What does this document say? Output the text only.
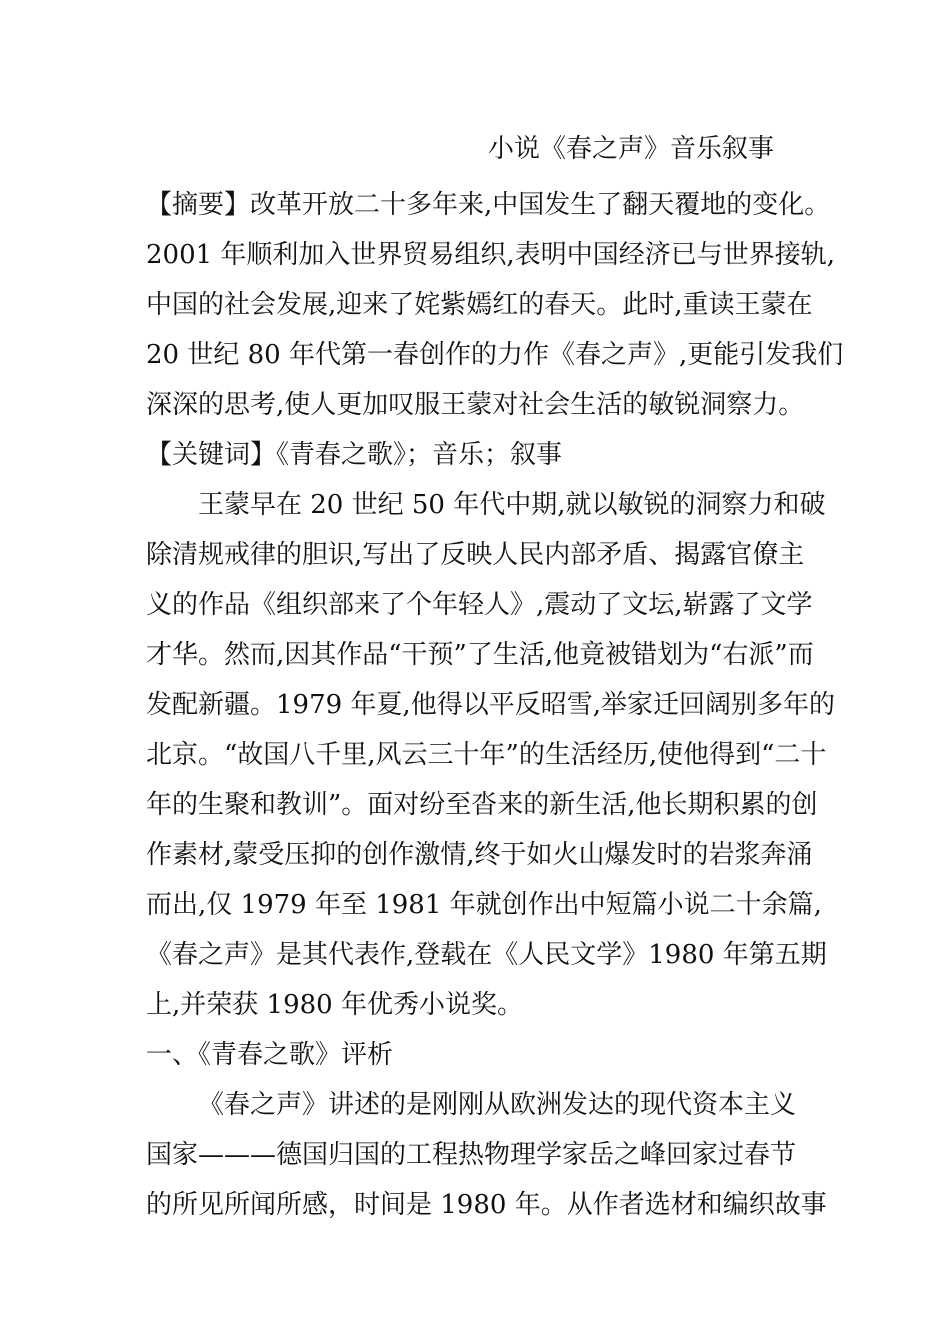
小说《春之声》音乐叙事
【摘要】改革开放二十多年来,中国发生了翻天覆地的变化。
2001 年顺利加入世界贸易组织,表明中国经济已与世界接轨,
中国的社会发展,迎来了姹紫嫣红的春天。此时,重读王蒙在
20 世纪 80 年代第一春创作的力作《春之声》,更能引发我们
深深的思考,使人更加叹服王蒙对社会生活的敏锐洞察力。
【关键词】《青春之歌》；音乐；叙事
王蒙早在 20 世纪 50 年代中期,就以敏锐的洞察力和破
除清规戒律的胆识,写出了反映人民内部矛盾、揭露官僚主
义的作品《组织部来了个年轻人》,震动了文坛,崭露了文学
才华。然而,因其作品“干预”了生活,他竟被错划为“右派”而
发配新疆。1979 年夏,他得以平反昭雪,举家迁回阔别多年的
北京。“故国八千里,风云三十年”的生活经历,使他得到“二十
年的生聚和教训”。面对纷至沓来的新生活,他长期积累的创
作素材,蒙受压抑的创作激情,终于如火山爆发时的岩浆奔涌
而出,仅 1979 年至 1981 年就创作出中短篇小说二十余篇,
《春之声》是其代表作,登载在《人民文学》1980 年第五期
上,并荣获 1980 年优秀小说奖。
一、《青春之歌》评析
《春之声》讲述的是刚刚从欧洲发达的现代资本主义
国家———德国归国的工程热物理学家岳之峰回家过春节
的所见所闻所感，时间是 1980 年。从作者选材和编织故事
